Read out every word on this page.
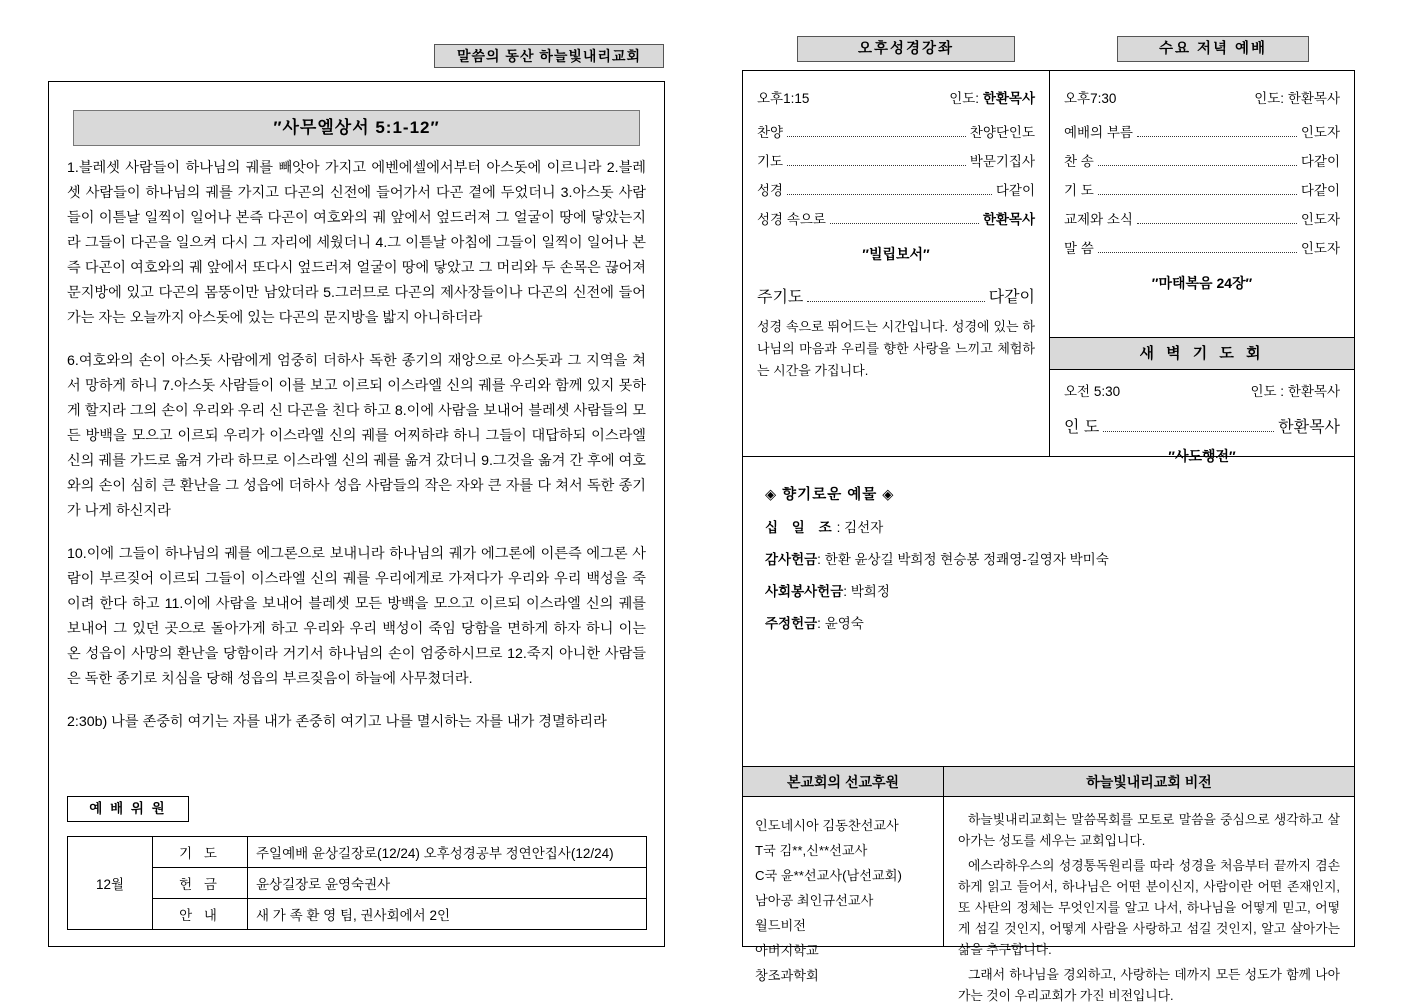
말씀의 동산 하늘빛내리교회
″사무엘상서 5:1-12″

1.블레셋 사람들이 하나님의 궤를 빼앗아 가지고 에벤에셀에서부터 아스돗에 이르니라 2.블레셋 사람들이 하나님의 궤를 가지고 다곤의 신전에 들어가서 다곤 곁에 두었더니 3.아스돗 사람들이 이튿날 일찍이 일어나 본즉 다곤이 여호와의 궤 앞에서 엎드러져 그 얼굴이 땅에 닿았는지라 그들이 다곤을 일으켜 다시 그 자리에 세웠더니 4.그 이튿날 아침에 그들이 일찍이 일어나 본즉 다곤이 여호와의 궤 앞에서 또다시 엎드러져 얼굴이 땅에 닿았고 그 머리와 두 손목은 끊어져 문지방에 있고 다곤의 몸뚱이만 남았더라 5.그러므로 다곤의 제사장들이나 다곤의 신전에 들어가는 자는 오늘까지 아스돗에 있는 다곤의 문지방을 밟지 아니하더라

6.여호와의 손이 아스돗 사람에게 엄중히 더하사 독한 종기의 재앙으로 아스돗과 그 지역을 쳐서 망하게 하니 7.아스돗 사람들이 이를 보고 이르되 이스라엘 신의 궤를 우리와 함께 있지 못하게 할지라 그의 손이 우리와 우리 신 다곤을 친다 하고 8.이에 사람을 보내어 블레셋 사람들의 모든 방백을 모으고 이르되 우리가 이스라엘 신의 궤를 어찌하랴 하니 그들이 대답하되 이스라엘 신의 궤를 가드로 옮겨 가라 하므로 이스라엘 신의 궤를 옮겨 갔더니 9.그것을 옮겨 간 후에 여호와의 손이 심히 큰 환난을 그 성읍에 더하사 성읍 사람들의 작은 자와 큰 자를 다 쳐서 독한 종기가 나게 하신지라

10.이에 그들이 하나님의 궤를 에그론으로 보내니라 하나님의 궤가 에그론에 이른즉 에그론 사람이 부르짖어 이르되 그들이 이스라엘 신의 궤를 우리에게로 가져다가 우리와 우리 백성을 죽이려 한다 하고 11.이에 사람을 보내어 블레셋 모든 방백을 모으고 이르되 이스라엘 신의 궤를 보내어 그 있던 곳으로 돌아가게 하고 우리와 우리 백성이 죽임 당함을 면하게 하자 하니 이는 온 성읍이 사망의 환난을 당함이라 거기서 하나님의 손이 엄중하시므로 12.죽지 아니한 사람들은 독한 종기로 치심을 당해 성읍의 부르짖음이 하늘에 사무쳤더라.

2:30b) 나를 존중히 여기는 자를 내가 존중히 여기고 나를 멸시하는 자를 내가 경멸하리라

예 배 위 원
12월	기 도	주일예배 윤상길장로(12/24) 오후성경공부 정연안집사(12/24)
	헌 금	윤상길장로 윤영숙권사
	안 내	새 가 족 환 영 팀, 권사회에서 2인
오후성경강좌	수요 저녁 예배
오후1:15	인도: 한환목사
찬양	찬양단인도
기도	박문기집사
성경	다같이
성경 속으로	한환목사
″빌립보서″
주기도	다같이
성경 속으로 뛰어드는 시간입니다. 성경에 있는 하나님의 마음과 우리를 향한 사랑을 느끼고 체험하는 시간을 가집니다.
오후7:30	인도: 한환목사
예배의 부름	인도자
찬 송	다같이
기 도	다같이
교제와 소식	인도자
말 씀	인도자
″마태복음 24장″
새 벽 기 도 회
오전 5:30	인도 : 한환목사
인 도	한환목사
″사도행전″
◈ 향기로운 예물 ◈
십 일 조: 김선자
감사헌금: 한환 윤상길 박희정 현승봉 정쾌영-길영자 박미숙
사회봉사헌금: 박희정
주정헌금: 윤영숙
본교회의 선교후원	하늘빛내리교회 비전
인도네시아 김동찬선교사
T국 김**,신**선교사
C국 윤**선교사(남선교회)
남아공 최인규선교사
월드비전
아버지학교
창조과학회

하늘빛내리교회는 말씀목회를 모토로 말씀을 중심으로 생각하고 살아가는 성도를 세우는 교회입니다.

에스라하우스의 성경통독원리를 따라 성경을 처음부터 끝까지 겸손하게 읽고 들어서, 하나님은 어떤 분이신지, 사람이란 어떤 존재인지, 또 사탄의 정체는 무엇인지를 알고 나서, 하나님을 어떻게 믿고, 어떻게 섬길 것인지, 어떻게 사람을 사랑하고 섬길 것인지, 알고 살아가는 삶을 추구합니다.

그래서 하나님을 경외하고, 사랑하는 데까지 모든 성도가 함께 나아가는 것이 우리교회가 가진 비전입니다.
